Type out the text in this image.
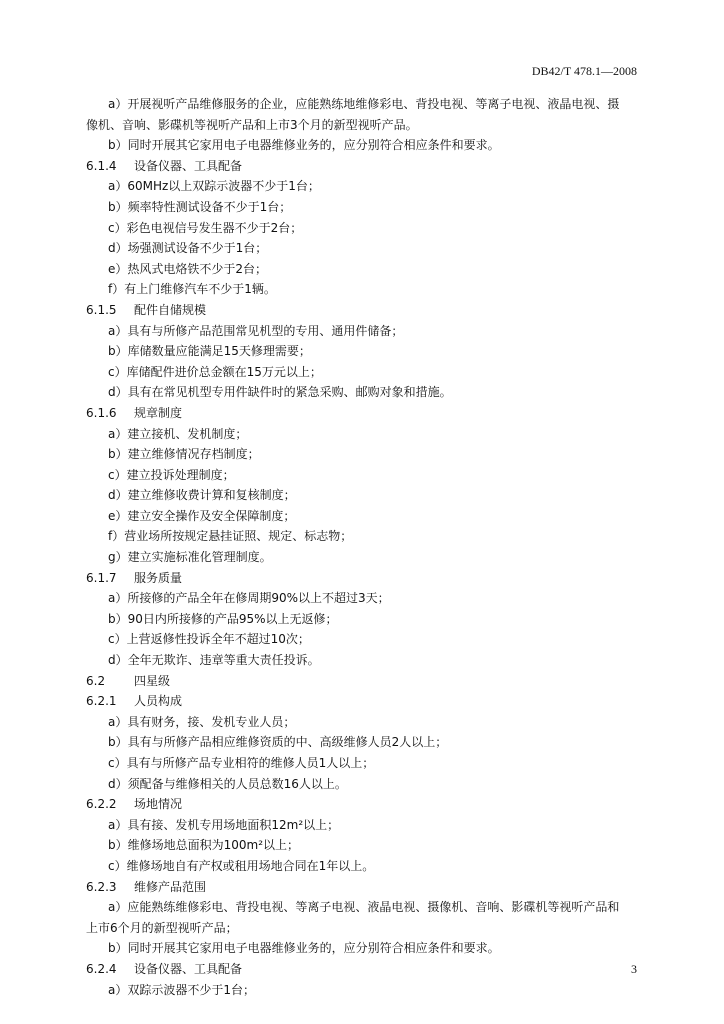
DB42/T 478.1—2008
a）开展视听产品维修服务的企业，应能熟练地维修彩电、背投电视、等离子电视、液晶电视、摄
像机、音响、影碟机等视听产品和上市3个月的新型视听产品。
b）同时开展其它家用电子电器维修业务的，应分别符合相应条件和要求。
6.1.4 设备仪器、工具配备
a）60MHz以上双踪示波器不少于1台；
b）频率特性测试设备不少于1台；
c）彩色电视信号发生器不少于2台；
d）场强测试设备不少于1台；
e）热风式电烙铁不少于2台；
f）有上门维修汽车不少于1辆。
6.1.5 配件自储规模
a）具有与所修产品范围常见机型的专用、通用件储备；
b）库储数量应能满足15天修理需要；
c）库储配件进价总金额在15万元以上；
d）具有在常见机型专用件缺件时的紧急采购、邮购对象和措施。
6.1.6 规章制度
a）建立接机、发机制度；
b）建立维修情况存档制度；
c）建立投诉处理制度；
d）建立维修收费计算和复核制度；
e）建立安全操作及安全保障制度；
f）营业场所按规定悬挂证照、规定、标志物；
g）建立实施标准化管理制度。
6.1.7 服务质量
a）所接修的产品全年在修周期90%以上不超过3天；
b）90日内所接修的产品95%以上无返修；
c）上营返修性投诉全年不超过10次；
d）全年无欺诈、违章等重大责任投诉。
6.2 四星级
6.2.1 人员构成
a）具有财务，接、发机专业人员；
b）具有与所修产品相应维修资质的中、高级维修人员2人以上；
c）具有与所修产品专业相符的维修人员1人以上；
d）须配备与维修相关的人员总数16人以上。
6.2.2 场地情况
a）具有接、发机专用场地面积12m²以上；
b）维修场地总面积为100m²以上；
c）维修场地自有产权或租用场地合同在1年以上。
6.2.3 维修产品范围
a）应能熟练维修彩电、背投电视、等离子电视、液晶电视、摄像机、音响、影碟机等视听产品和
上市6个月的新型视听产品；
b）同时开展其它家用电子电器维修业务的，应分别符合相应条件和要求。
6.2.4 设备仪器、工具配备
a）双踪示波器不少于1台；
3
